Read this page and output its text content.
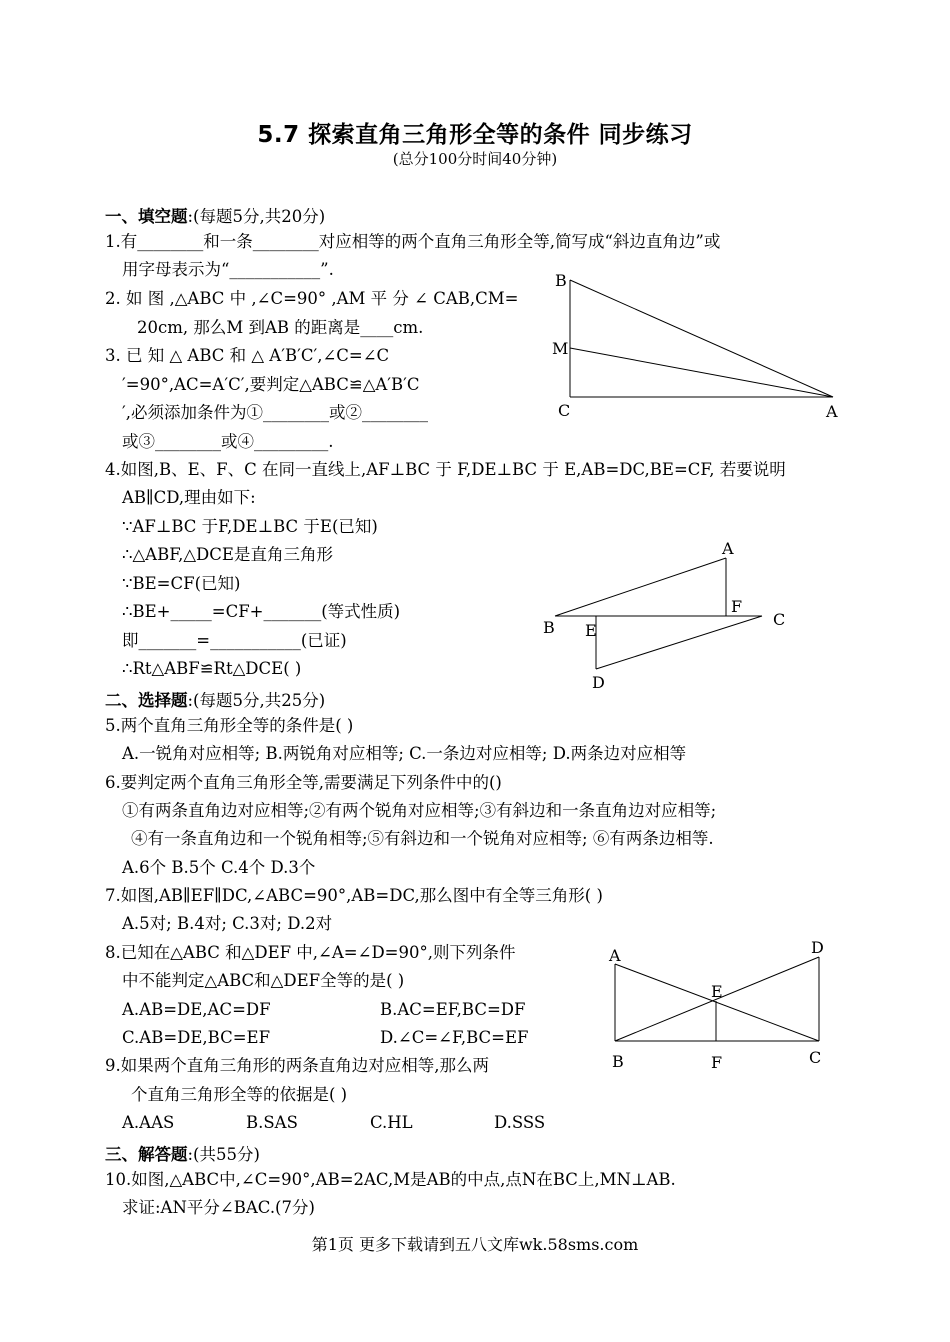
5.7 探索直角三角形全等的条件 同步练习
(总分100分时间40分钟)
一、填空题:(每题5分,共20分)
1.有________和一条________对应相等的两个直角三角形全等,简写成“斜边直角边”或
用字母表示为“___________”.
2. 如 图 ,△ABC 中 ,∠C=90° ,AM 平 分 ∠ CAB,CM=
20cm, 那么M 到AB 的距离是____cm.
3. 已 知 △ ABC 和 △ A′B′C′,∠C=∠C
′=90°,AC=A′C′,要判定△ABC≌△A′B′C
′,必须添加条件为①________或②________
或③________或④_________.
B
M
C	A
4.如图,B、E、F、C 在同一直线上,AF⊥BC 于 F,DE⊥BC 于 E,AB=DC,BE=CF, 若要说明
AB∥CD,理由如下:
∵AF⊥BC 于F,DE⊥BC 于E(已知)
∴△ABF,△DCE是直角三角形
∵BE=CF(已知)
∴BE+_____=CF+_______(等式性质)
即_______=___________(已证)
∴Rt△ABF≌Rt△DCE( )
A
F
C
B E
D
二、选择题:(每题5分,共25分)
5.两个直角三角形全等的条件是( )
A.一锐角对应相等; B.两锐角对应相等; C.一条边对应相等; D.两条边对应相等
6.要判定两个直角三角形全等,需要满足下列条件中的()
①有两条直角边对应相等;②有两个锐角对应相等;③有斜边和一条直角边对应相等;
④有一条直角边和一个锐角相等;⑤有斜边和一个锐角对应相等; ⑥有两条边相等.
A.6个 B.5个 C.4个 D.3个
7.如图,AB∥EF∥DC,∠ABC=90°,AB=DC,那么图中有全等三角形( )
A.5对; B.4对; C.3对; D.2对
8.已知在△ABC 和△DEF 中,∠A=∠D=90°,则下列条件
中不能判定△ABC和△DEF全等的是( )
A.AB=DE,AC=DF	B.AC=EF,BC=DF
C.AB=DE,BC=EF	D.∠C=∠F,BC=EF
A	D
E
B	F	C
9.如果两个直角三角形的两条直角边对应相等,那么两
个直角三角形全等的依据是( )
A.AAS	B.SAS	C.HL	D.SSS
三、解答题:(共55分)
10.如图,△ABC中,∠C=90°,AB=2AC,M是AB的中点,点N在BC上,MN⊥AB.
求证:AN平分∠BAC.(7分)
第1页 更多下载请到五八文库wk.58sms.com
